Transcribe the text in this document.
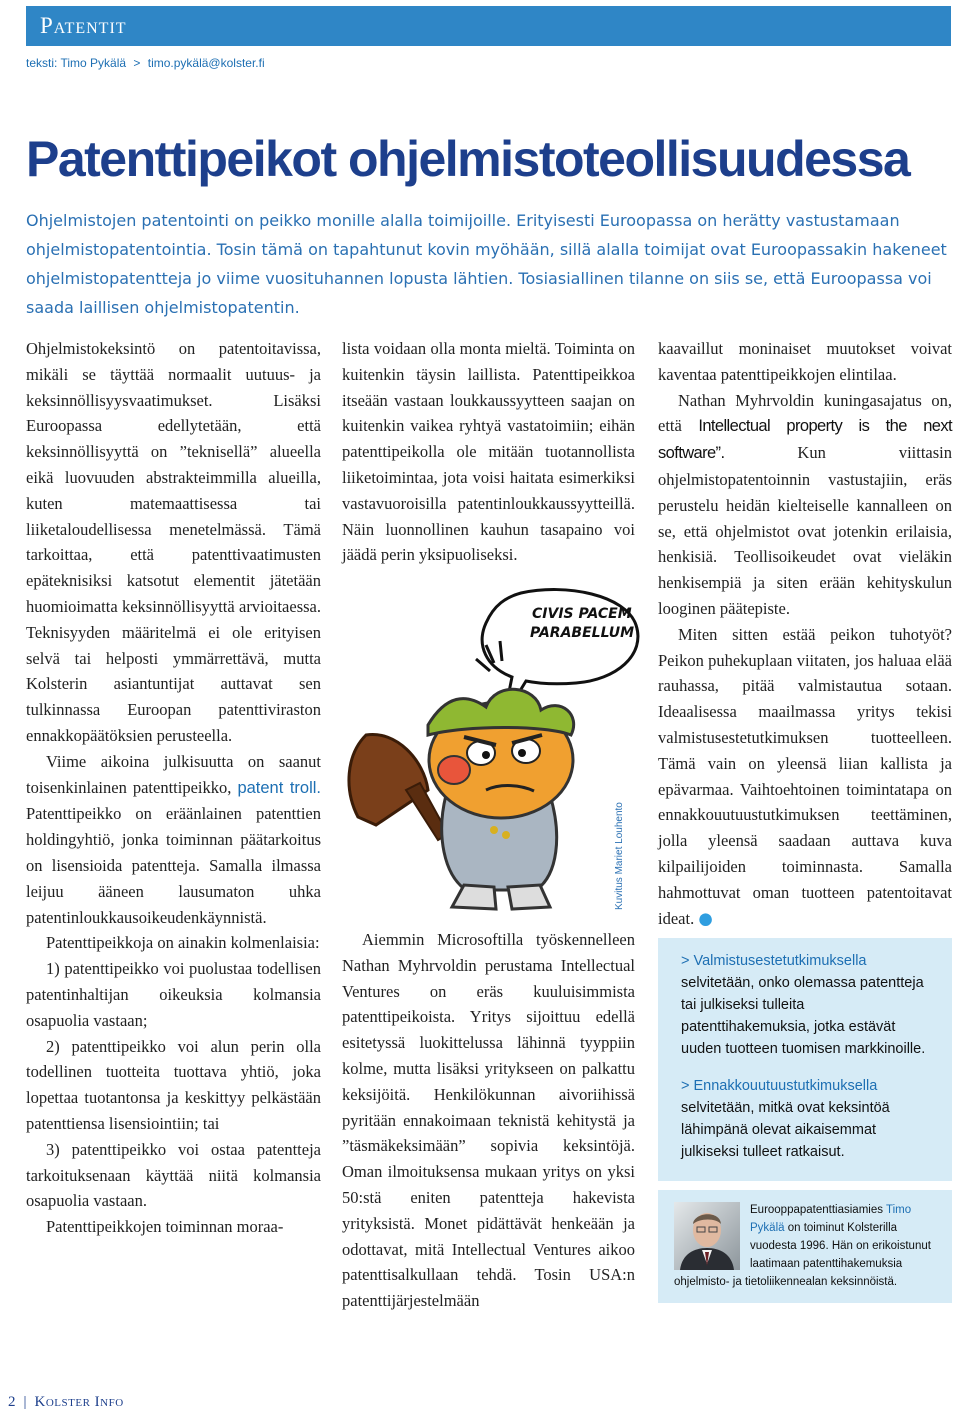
Patentit
teksti: Timo Pykälä > timo.pykälä@kolster.fi
Patenttipeikot ohjelmistoteollisuudessa
Ohjelmistojen patentointi on peikko monille alalla toimijoille. Erityisesti Euroopassa on herätty vastustamaan ohjelmistopatentointia. Tosin tämä on tapahtunut kovin myöhään, sillä alalla toimijat ovat Euroopassakin hakeneet ohjelmistopatentteja jo viime vuosituhannen lopusta lähtien. Tosiasiallinen tilanne on siis se, että Euroopassa voi saada laillisen ohjelmistopatentin.

Ohjelmistokeksintö on patentoitavissa, mikäli se täyttää normaalit uutuus- ja keksinnöllisyysvaatimukset. Lisäksi Euroopassa edellytetään, että keksinnöllisyyttä on ”teknisellä” alueella eikä luovuuden abstrakteimmilla alueilla, kuten matemaattisessa tai liiketaloudellisessa menetelmässä. Tämä tarkoittaa, että patenttivaatimusten epäteknisiksi katsotut elementit jätetään huomioimatta keksinnöllisyyttä arvioitaessa. Teknisyyden määritelmä ei ole erityisen selvä tai helposti ymmärrettävä, mutta Kolsterin asiantuntijat auttavat sen tulkinnassa Euroopan patenttiviraston ennakkopäätöksien perusteella.

Viime aikoina julkisuutta on saanut toisenkinlainen patenttipeikko, patent troll. Patenttipeikko on eräänlainen patenttien holdingyhtiö, jonka toiminnan päätarkoitus on lisensioida patentteja. Samalla ilmassa leijuu ääneen lausumaton uhka patentinloukkausoikeudenkäynnistä.

Patenttipeikkoja on ainakin kolmenlaisia:

1) patenttipeikko voi puolustaa todellisen patentinhaltijan oikeuksia kolmansia osapuolia vastaan;

2) patenttipeikko voi alun perin olla todellinen tuotteita tuottava yhtiö, joka lopettaa tuotantonsa ja keskittyy pelkästään patenttiensa lisensiointiin; tai

3) patenttipeikko voi ostaa patentteja tarkoituksenaan käyttää niitä kolmansia osapuolia vastaan.

Patenttipeikkojen toiminnan moraa-

lista voidaan olla monta mieltä. Toiminta on kuitenkin täysin laillista. Patenttipeikkoa itseään vastaan loukkaussyytteen saajan on kuitenkin vaikea ryhtyä vastatoimiin; eihän patenttipeikolla ole mitään tuotannollista liiketoimintaa, jota voisi haitata esimerkiksi vastavuoroisilla patentinloukkaussyytteillä. Näin luonnollinen kauhun tasapaino voi jäädä perin yksipuoliseksi.

CIVIS PACEM
PARABELLUM
Kuvitus Mariet Louhento

Aiemmin Microsoftilla työskennelleen Nathan Myhrvoldin perustama Intellectual Ventures on eräs kuuluisimmista patenttipeikoista. Yritys sijoittuu edellä esitetyssä luokittelussa lähinnä tyyppiin kolme, mutta lisäksi yritykseen on palkattu keksijöitä. Henkilökunnan aivoriihissä pyritään ennakoimaan teknistä kehitystä ja ”täsmäkeksimään” sopivia keksintöjä. Oman ilmoituksensa mukaan yritys on yksi 50:stä eniten patentteja hakevista yrityksistä. Monet pidättävät henkeään ja odottavat, mitä Intellectual Ventures aikoo patenttisalkullaan tehdä. Tosin USA:n patenttijärjestelmään

kaavaillut moninaiset muutokset voivat kaventaa patenttipeikkojen elintilaa.

Nathan Myhrvoldin kuningasajatus on, että Intellectual property is the next software”. Kun viittasin ohjelmistopatentoinnin vastustajiin, eräs perustelu heidän kielteiselle kannalleen on se, että ohjelmistot ovat jotenkin erilaisia, henkisiä. Teollisoikeudet ovat vieläkin henkisempiä ja siten erään kehityskulun looginen päätepiste.

Miten sitten estää peikon tuhotyöt? Peikon puhekuplaan viitaten, jos haluaa elää rauhassa, pitää valmistautua sotaan. Ideaalisessa maailmassa yritys tekisi valmistusestetutkimuksen tuotteelleen. Tämä vain on yleensä liian kallista ja epävarmaa. Vaihtoehtoinen toimintatapa on ennakkouutuustutkimuksen teettäminen, jolla yleensä saadaan auttava kuva kilpailijoiden toiminnasta. Samalla hahmottuvat oman tuotteen patentoitavat ideat. ●

> Valmistusestetutkimuksella
selvitetään, onko olemassa patentteja tai julkiseksi tulleita patenttihakemuksia, jotka estävät uuden tuotteen tuomisen markkinoille.
> Ennakkouutuustutkimuksella
selvitetään, mitkä ovat keksintöä lähimpänä olevat aikaisemmat julkiseksi tulleet ratkaisut.
Eurooppapatenttiasiamies Timo Pykälä on toiminut Kolsterilla vuodesta 1996. Hän on erikoistunut laatimaan patenttihakemuksia ohjelmisto- ja tietoliikennealan keksinnöistä.
2 | Kolster Info
